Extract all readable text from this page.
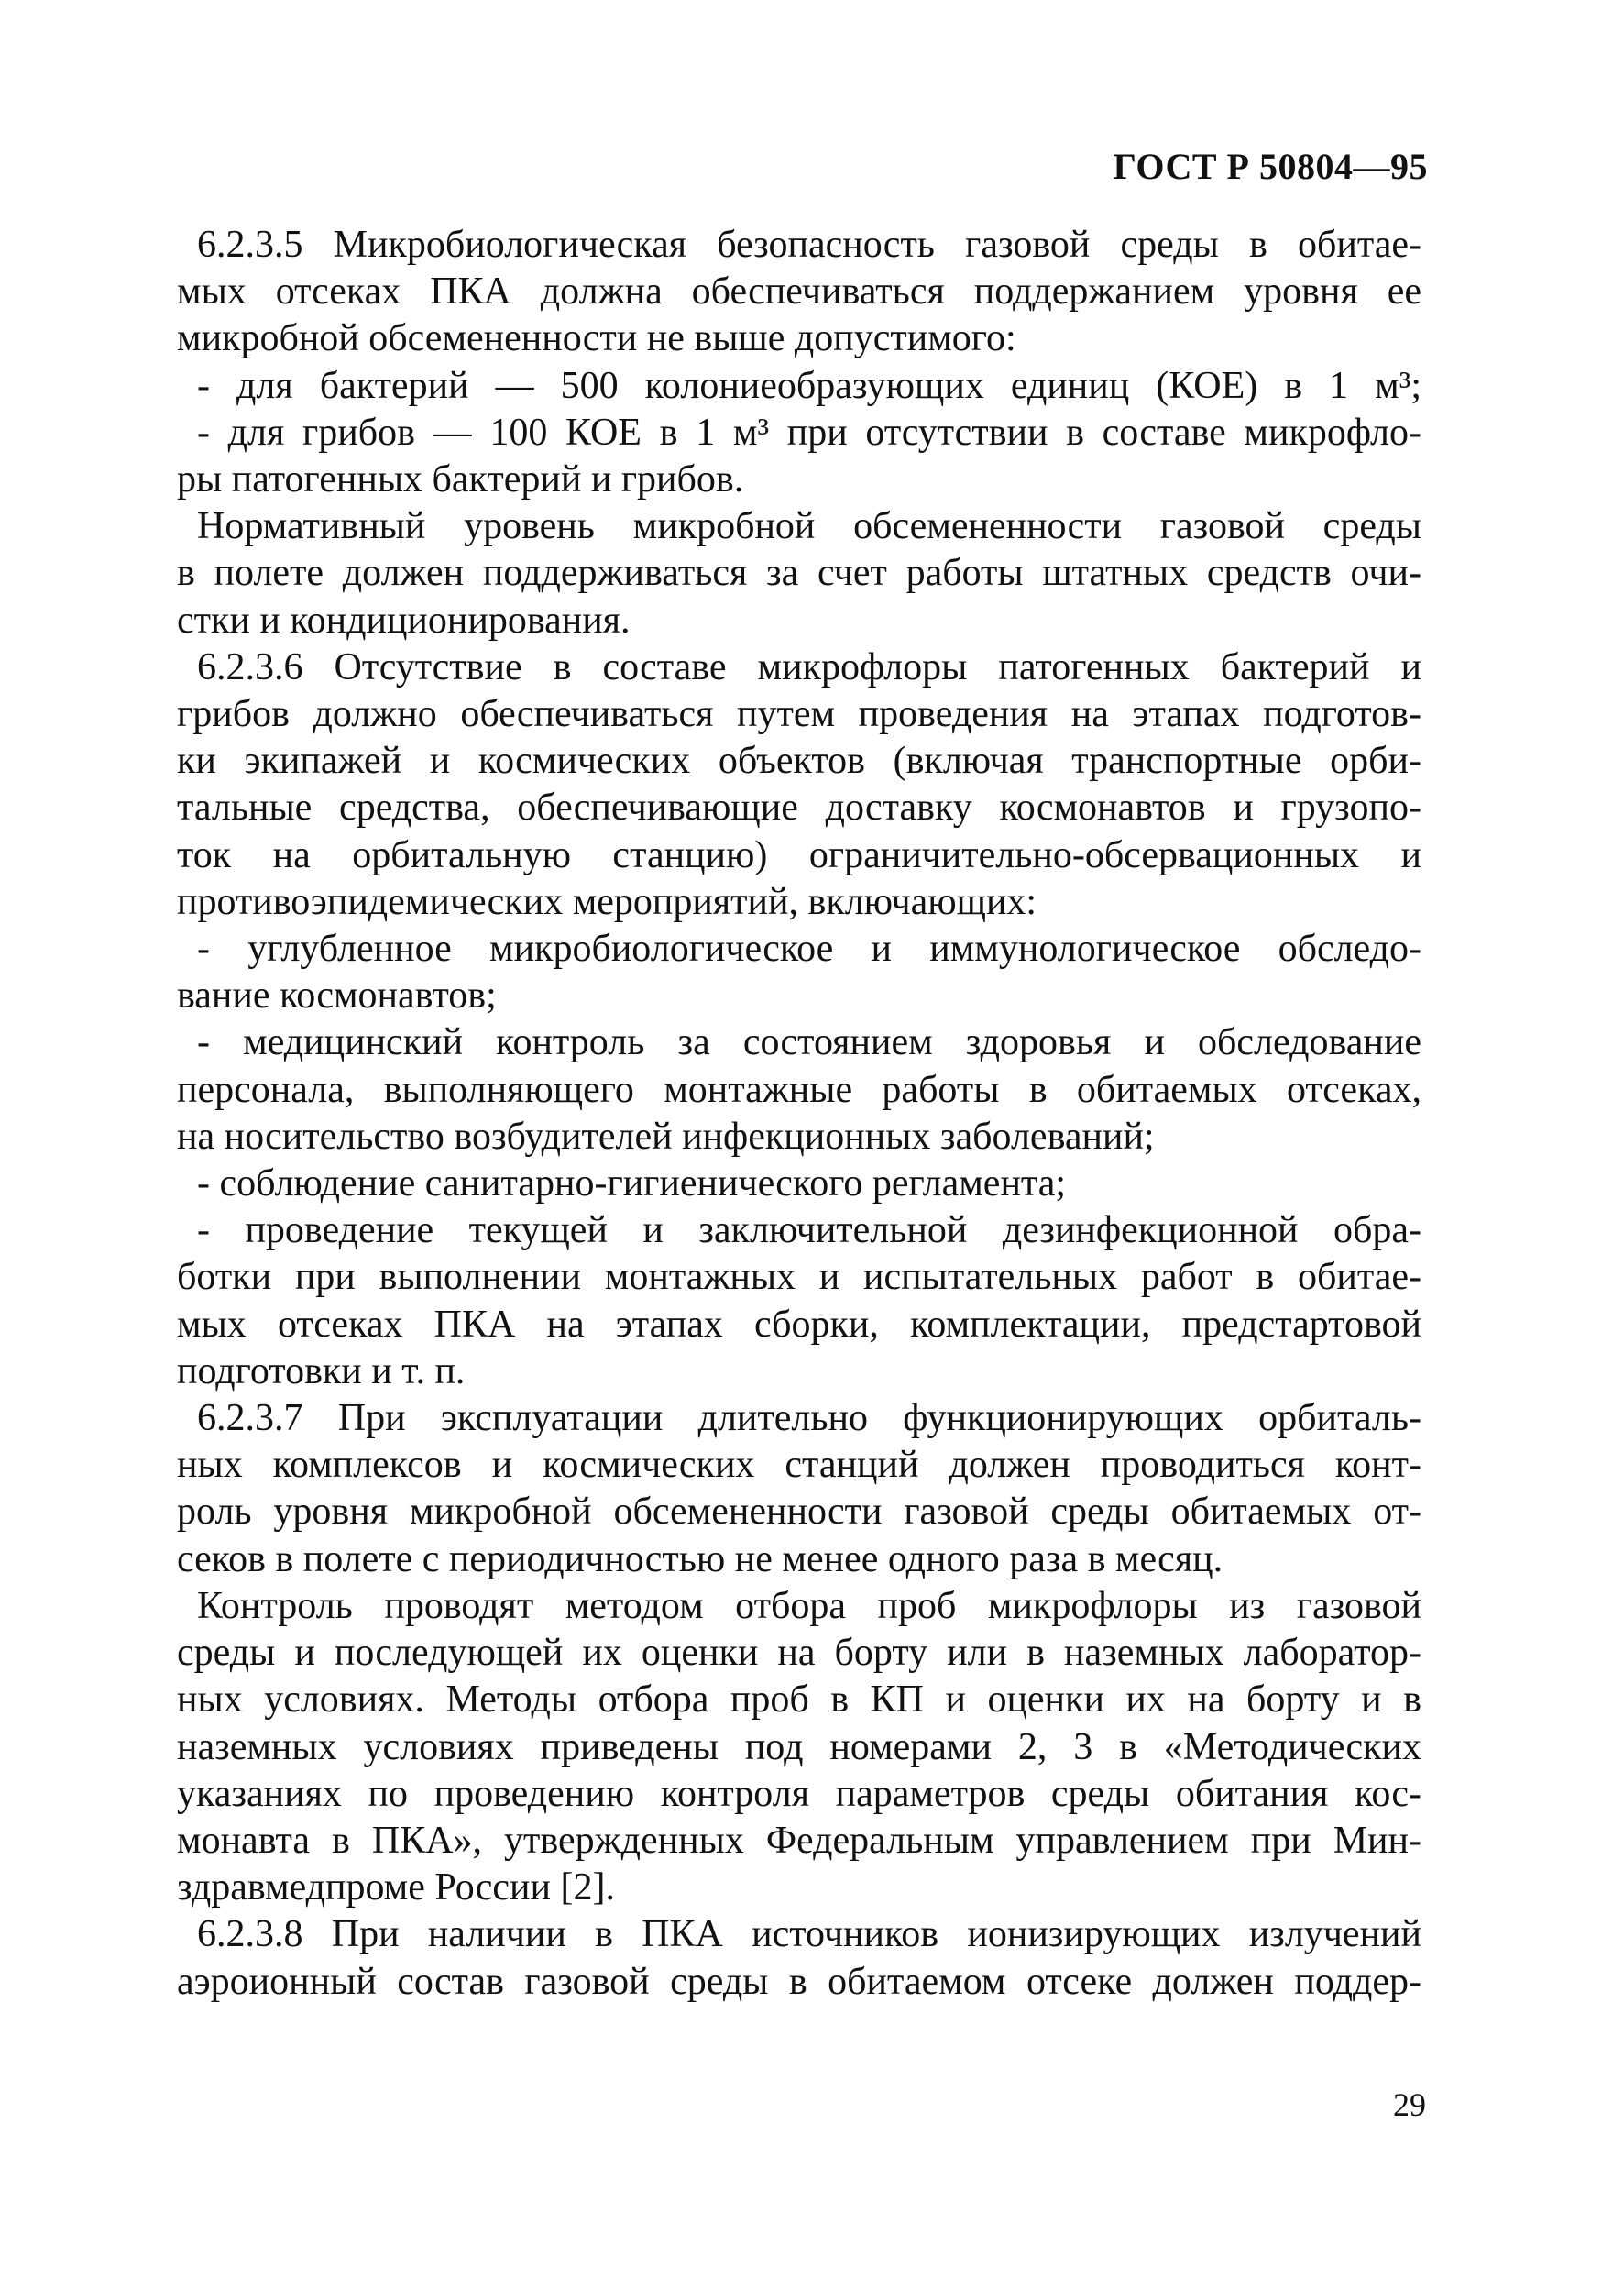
ГОСТ Р 50804—95
6.2.3.5 Микробиологическая безопасность газовой среды в обитае-
мых отсеках ПКА должна обеспечиваться поддержанием уровня ее
микробной обсемененности не выше допустимого:
- для бактерий — 500 колониеобразующих единиц (КОЕ) в 1 м³;
- для грибов — 100 КОЕ в 1 м³ при отсутствии в составе микрофло-
ры патогенных бактерий и грибов.
Нормативный уровень микробной обсемененности газовой среды
в полете должен поддерживаться за счет работы штатных средств очи-
стки и кондиционирования.
6.2.3.6 Отсутствие в составе микрофлоры патогенных бактерий и
грибов должно обеспечиваться путем проведения на этапах подготов-
ки экипажей и космических объектов (включая транспортные орби-
тальные средства, обеспечивающие доставку космонавтов и грузопо-
ток на орбитальную станцию) ограничительно-обсервационных и
противоэпидемических мероприятий, включающих:
- углубленное микробиологическое и иммунологическое обследо-
вание космонавтов;
- медицинский контроль за состоянием здоровья и обследование
персонала, выполняющего монтажные работы в обитаемых отсеках,
на носительство возбудителей инфекционных заболеваний;
- соблюдение санитарно-гигиенического регламента;
- проведение текущей и заключительной дезинфекционной обра-
ботки при выполнении монтажных и испытательных работ в обитае-
мых отсеках ПКА на этапах сборки, комплектации, предстартовой
подготовки и т. п.
6.2.3.7 При эксплуатации длительно функционирующих орбиталь-
ных комплексов и космических станций должен проводиться конт-
роль уровня микробной обсемененности газовой среды обитаемых от-
секов в полете с периодичностью не менее одного раза в месяц.
Контроль проводят методом отбора проб микрофлоры из газовой
среды и последующей их оценки на борту или в наземных лаборатор-
ных условиях. Методы отбора проб в КП и оценки их на борту и в
наземных условиях приведены под номерами 2, 3 в «Методических
указаниях по проведению контроля параметров среды обитания кос-
монавта в ПКА», утвержденных Федеральным управлением при Мин-
здравмедпроме России [2].
6.2.3.8 При наличии в ПКА источников ионизирующих излучений
аэроионный состав газовой среды в обитаемом отсеке должен поддер-
29
